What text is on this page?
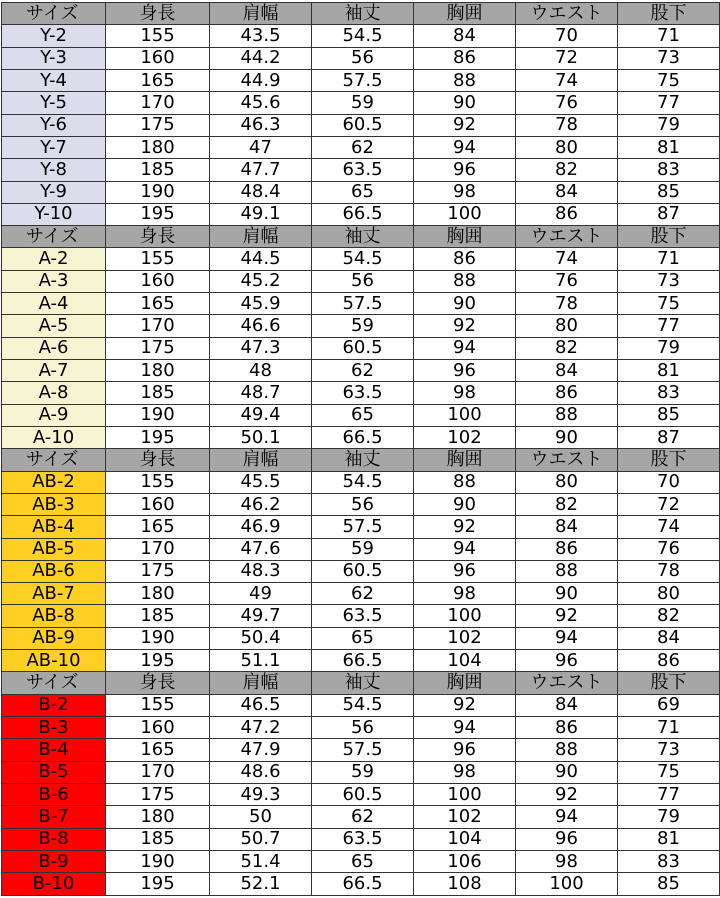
サイズ	身長	肩幅	袖丈	胸囲	ウエスト	股下
Y-2	155	43.5	54.5	84	70	71
Y-3	160	44.2	56	86	72	73
Y-4	165	44.9	57.5	88	74	75
Y-5	170	45.6	59	90	76	77
Y-6	175	46.3	60.5	92	78	79
Y-7	180	47	62	94	80	81
Y-8	185	47.7	63.5	96	82	83
Y-9	190	48.4	65	98	84	85
Y-10	195	49.1	66.5	100	86	87
サイズ	身長	肩幅	袖丈	胸囲	ウエスト	股下
A-2	155	44.5	54.5	86	74	71
A-3	160	45.2	56	88	76	73
A-4	165	45.9	57.5	90	78	75
A-5	170	46.6	59	92	80	77
A-6	175	47.3	60.5	94	82	79
A-7	180	48	62	96	84	81
A-8	185	48.7	63.5	98	86	83
A-9	190	49.4	65	100	88	85
A-10	195	50.1	66.5	102	90	87
サイズ	身長	肩幅	袖丈	胸囲	ウエスト	股下
AB-2	155	45.5	54.5	88	80	70
AB-3	160	46.2	56	90	82	72
AB-4	165	46.9	57.5	92	84	74
AB-5	170	47.6	59	94	86	76
AB-6	175	48.3	60.5	96	88	78
AB-7	180	49	62	98	90	80
AB-8	185	49.7	63.5	100	92	82
AB-9	190	50.4	65	102	94	84
AB-10	195	51.1	66.5	104	96	86
サイズ	身長	肩幅	袖丈	胸囲	ウエスト	股下
B-2	155	46.5	54.5	92	84	69
B-3	160	47.2	56	94	86	71
B-4	165	47.9	57.5	96	88	73
B-5	170	48.6	59	98	90	75
B-6	175	49.3	60.5	100	92	77
B-7	180	50	62	102	94	79
B-8	185	50.7	63.5	104	96	81
B-9	190	51.4	65	106	98	83
B-10	195	52.1	66.5	108	100	85
